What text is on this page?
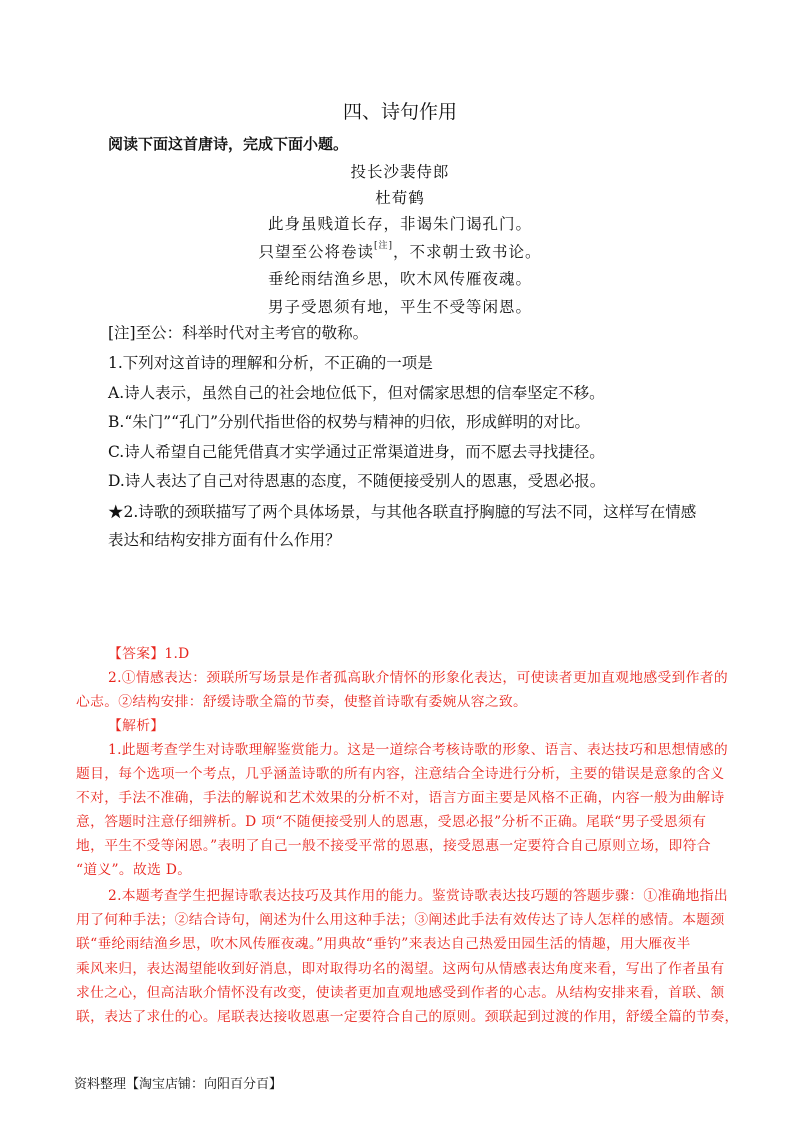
四、诗句作用
阅读下面这首唐诗，完成下面小题。
投长沙裴侍郎
杜荀鹤
此身虽贱道长存，非谒朱门谒孔门。
只望至公将卷读[注]，不求朝士致书论。
垂纶雨结渔乡思，吹木风传雁夜魂。
男子受恩须有地，平生不受等闲恩。
[注]至公：科举时代对主考官的敬称。
1.下列对这首诗的理解和分析，不正确的一项是
A.诗人表示，虽然自己的社会地位低下，但对儒家思想的信奉坚定不移。
B.“朱门”“孔门”分别代指世俗的权势与精神的归依，形成鲜明的对比。
C.诗人希望自己能凭借真才实学通过正常渠道进身，而不愿去寻找捷径。
D.诗人表达了自己对待恩惠的态度，不随便接受别人的恩惠，受恩必报。
★2.诗歌的颈联描写了两个具体场景，与其他各联直抒胸臆的写法不同，这样写在情感
表达和结构安排方面有什么作用？
【答案】1.D
2.①情感表达：颈联所写场景是作者孤高耿介情怀的形象化表达，可使读者更加直观地感受到作者的
心志。②结构安排：舒缓诗歌全篇的节奏，使整首诗歌有委婉从容之致。
【解析】
1.此题考查学生对诗歌理解鉴赏能力。这是一道综合考核诗歌的形象、语言、表达技巧和思想情感的
题目，每个选项一个考点，几乎涵盖诗歌的所有内容，注意结合全诗进行分析，主要的错误是意象的含义
不对，手法不准确，手法的解说和艺术效果的分析不对，语言方面主要是风格不正确，内容一般为曲解诗
意，答题时注意仔细辨析。D 项“不随便接受别人的恩惠，受恩必报”分析不正确。尾联“男子受恩须有
地，平生不受等闲恩。”表明了自己一般不接受平常的恩惠，接受恩惠一定要符合自己原则立场，即符合
“道义”。故选 D。
2.本题考查学生把握诗歌表达技巧及其作用的能力。鉴赏诗歌表达技巧题的答题步骤：①准确地指出
用了何种手法；②结合诗句，阐述为什么用这种手法；③阐述此手法有效传达了诗人怎样的感情。本题颈
联“垂纶雨结渔乡思，吹木风传雁夜魂。”用典故“垂钓”来表达自己热爱田园生活的情趣，用大雁夜半
乘风来归，表达渴望能收到好消息，即对取得功名的渴望。这两句从情感表达角度来看，写出了作者虽有
求仕之心，但高洁耿介情怀没有改变，使读者更加直观地感受到作者的心志。从结构安排来看，首联、颔
联，表达了求仕的心。尾联表达接收恩惠一定要符合自己的原则。颈联起到过渡的作用，舒缓全篇的节奏，
资料整理【淘宝店铺：向阳百分百】
